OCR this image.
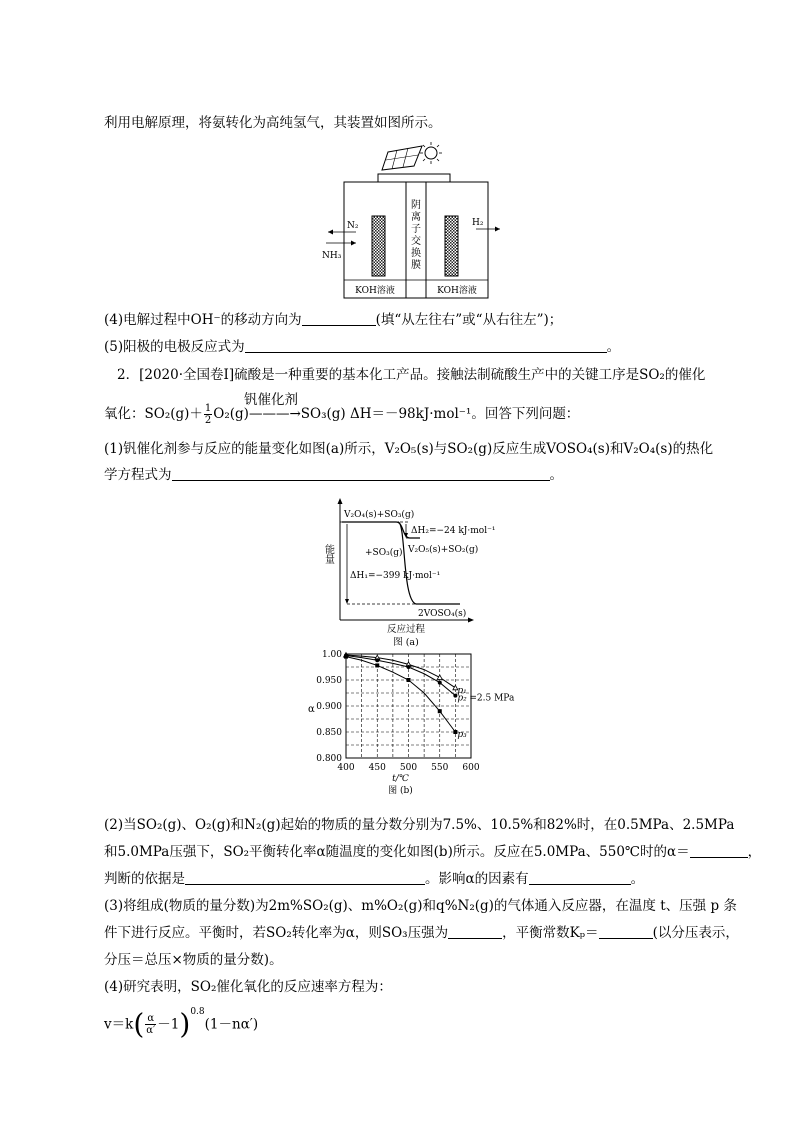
利用电解原理，将氨转化为高纯氢气，其装置如图所示。
N₂
NH₃
H₂
阴
离
子
交
换
膜
KOH溶液	KOH溶液
(4)电解过程中OH⁻的移动方向为	(填“从左往右”或“从右往左”)；
(5)阳极的电极反应式为	。
2．[2020·全国卷Ⅰ]硫酸是一种重要的基本化工产品。接触法制硫酸生产中的关键工序是SO₂的催化
钒催化剂
氧化：$SO_2(g)+ \frac{1}{2}$ O₂(g)———→SO₃(g) ΔH＝－98kJ·mol⁻¹。回答下列问题：
(1)钒催化剂参与反应的能量变化如图(a)所示，V₂O₅(s)与SO₂(g)反应生成VOSO₄(s)和V₂O₄(s)的热化
学方程式为	。
V₂O₄(s)+SO₃(g)
ΔH₂=−24 kJ·mol⁻¹
V₂O₅(s)+SO₂(g)
+SO₃(g)
ΔH₁=−399 kJ·mol⁻¹
2VOSO₄(s)
能量
反应过程
图 (a)
400 450 500 550 600
0.800
0.850
0.900
0.950
1.00
α
t/℃
图 (b)
p₁
p₂
p₃
=2.5 MPa
(2)当SO₂(g)、O₂(g)和N₂(g)起始的物质的量分数分别为7.5%、10.5%和82%时，在0.5MPa、2.5MPa
和5.0MPa压强下，SO₂平衡转化率α随温度的变化如图(b)所示。反应在5.0MPa、550℃时的α＝	，
判断的依据是	。影响α的因素有	。
(3)将组成(物质的量分数)为2m%SO₂(g)、m%O₂(g)和q%N₂(g)的气体通入反应器，在温度 t、压强 p 条
件下进行反应。平衡时，若SO₂转化率为α，则SO₃压强为	，平衡常数Kₚ＝	(以分压表示，
分压＝总压×物质的量分数)。
(4)研究表明，SO₂催化氧化的反应速率方程为：
$v=k( \frac{\alpha}{\alpha'} -1)^{0.8}(1-n\alpha')$
